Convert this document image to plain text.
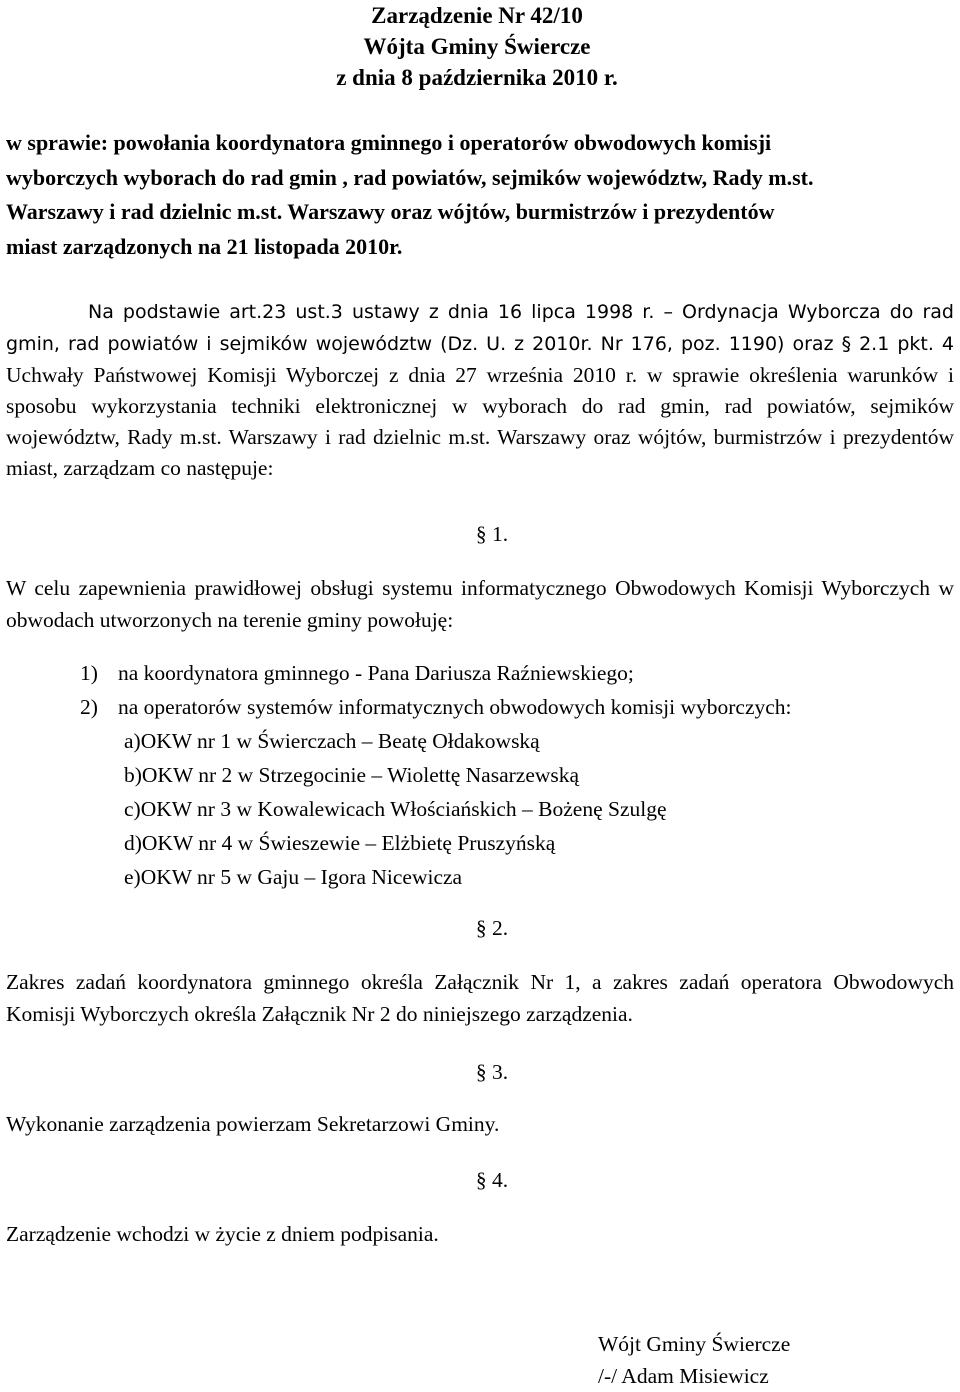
Zarządzenie Nr 42/10
Wójta Gminy Świercze
z dnia 8 października 2010 r.
w sprawie: powołania koordynatora gminnego i operatorów obwodowych komisji
wyborczych wyborach do rad gmin , rad powiatów, sejmików województw, Rady m.st.
Warszawy i rad dzielnic m.st. Warszawy oraz wójtów, burmistrzów i prezydentów
miast zarządzonych na 21 listopada 2010r.
Na podstawie art.23 ust.3 ustawy z dnia 16 lipca 1998 r. – Ordynacja Wyborcza do rad gmin, rad powiatów i sejmików województw (Dz. U. z 2010r. Nr 176, poz. 1190) oraz § 2.1 pkt. 4 Uchwały Państwowej Komisji Wyborczej z dnia 27 września 2010 r. w sprawie określenia warunków i sposobu wykorzystania techniki elektronicznej w wyborach do rad gmin, rad powiatów, sejmików województw, Rady m.st. Warszawy i rad dzielnic m.st. Warszawy oraz wójtów, burmistrzów i prezydentów miast, zarządzam co następuje:
§ 1.
W celu zapewnienia prawidłowej obsługi systemu informatycznego Obwodowych Komisji Wyborczych w obwodach utworzonych na terenie gminy powołuję:
1) na koordynatora gminnego - Pana Dariusza Raźniewskiego;
2) na operatorów systemów informatycznych obwodowych komisji wyborczych:
a)OKW nr 1 w Świerczach – Beatę Ołdakowską
b)OKW nr 2 w Strzegocinie – Wiolettę Nasarzewską
c)OKW nr 3 w Kowalewicach Włościańskich – Bożenę Szulgę
d)OKW nr 4 w Świeszewie – Elżbietę Pruszyńską
e)OKW nr 5 w Gaju – Igora Nicewicza
§ 2.
Zakres zadań koordynatora gminnego określa Załącznik Nr 1, a zakres zadań operatora Obwodowych Komisji Wyborczych określa Załącznik Nr 2 do niniejszego zarządzenia.
§ 3.
Wykonanie zarządzenia powierzam Sekretarzowi Gminy.
§ 4.
Zarządzenie wchodzi w życie z dniem podpisania.
Wójt Gminy Świercze
/-/ Adam Misiewicz
